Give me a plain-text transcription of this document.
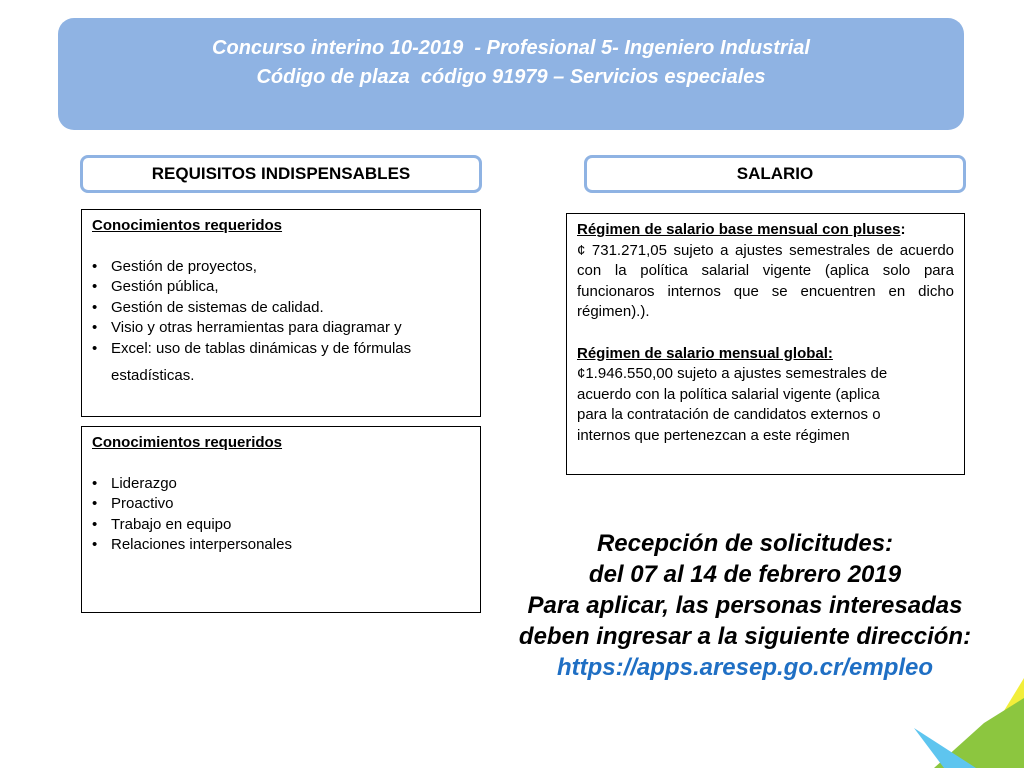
Concurso interino 10-2019  - Profesional 5- Ingeniero Industrial
Código de plaza  código 91979 – Servicios especiales
REQUISITOS INDISPENSABLES	SALARIO
Conocimientos requeridos
• Gestión de proyectos,
• Gestión pública,
• Gestión de sistemas de calidad.
• Visio y otras herramientas para diagramar y
• Excel: uso de tablas dinámicas y de fórmulas
estadísticas.
Conocimientos requeridos
• Liderazgo
• Proactivo
• Trabajo en equipo
• Relaciones interpersonales

Régimen de salario base mensual con pluses:
¢ 731.271,05 sujeto a ajustes semestrales de acuerdo con la política salarial vigente (aplica solo para funcionaros internos que se encuentren en dicho régimen).).

Régimen de salario mensual global:

¢1.946.550,00 sujeto a ajustes semestrales de

acuerdo con la política salarial vigente (aplica

para la contratación de candidatos externos o

internos que pertenezcan a este régimen

Recepción de solicitudes:
del 07 al 14 de febrero 2019
Para aplicar, las personas interesadas
deben ingresar a la siguiente dirección:
https://apps.aresep.go.cr/empleo
